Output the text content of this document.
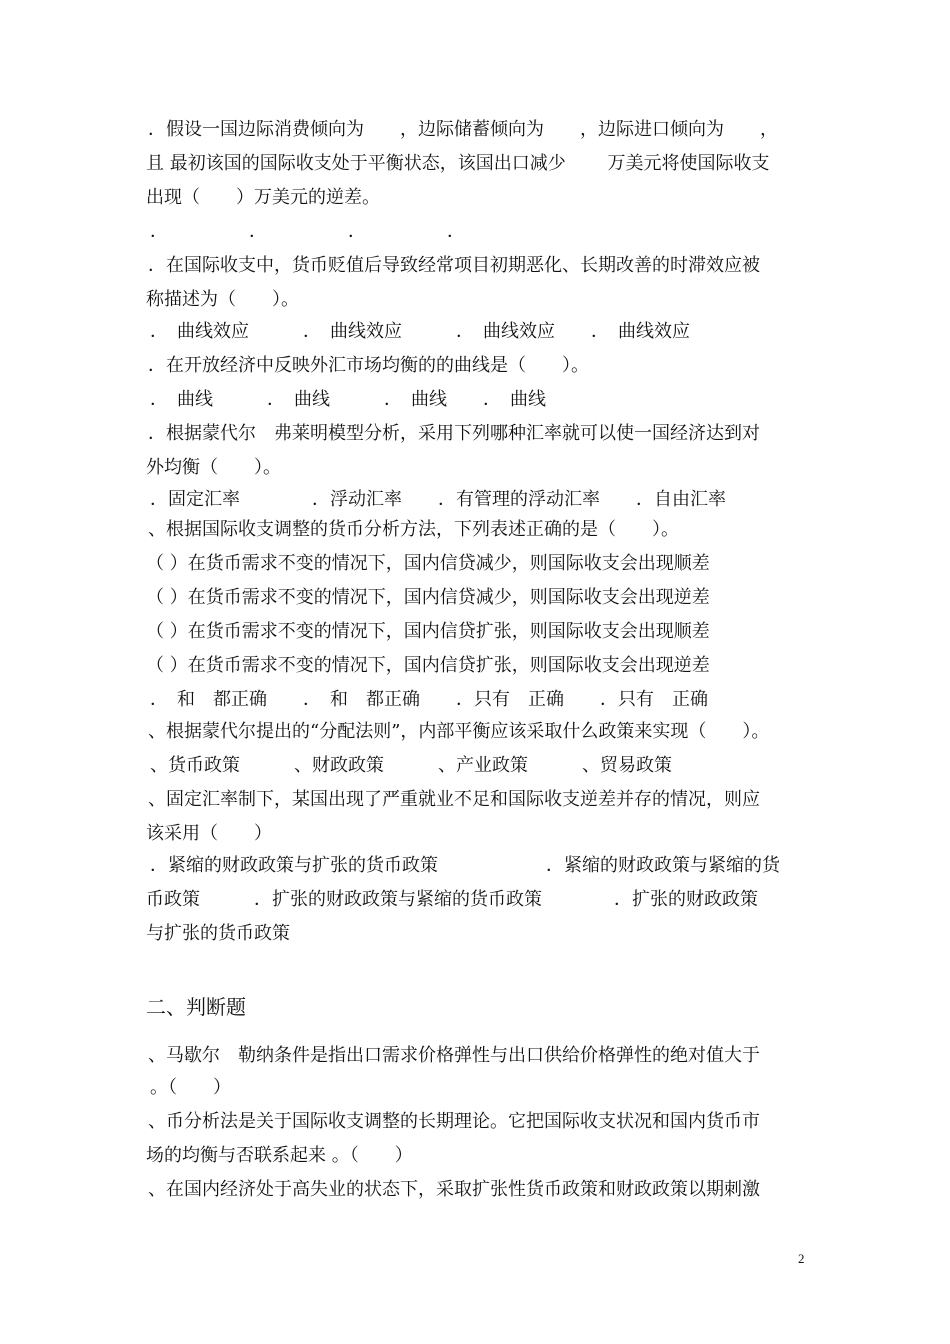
．假设一国边际消费倾向为　　，边际储蓄倾向为　　，边际进口倾向为　　，
且 最初该国的国际收支处于平衡状态，该国出口减少　　 万美元将使国际收支
出现（　　）万美元的逆差。
．　　　　　．　　　　　．　　　　　．
．在国际收支中，货币贬值后导致经常项目初期恶化、长期改善的时滞效应被
称描述为（　　）。
．　曲线效应　　　．　曲线效应　　　．　曲线效应　　．　曲线效应
．在开放经济中反映外汇市场均衡的的曲线是（　　）。
．　曲线　　　．　曲线　　　．　曲线　　．　曲线
．根据蒙代尔　弗莱明模型分析，采用下列哪种汇率就可以使一国经济达到对
外均衡（　　）。
．固定汇率　　　　．浮动汇率　　．有管理的浮动汇率　　．自由汇率
、根据国际收支调整的货币分析方法，下列表述正确的是（　　）。
（ ）在货币需求不变的情况下，国内信贷减少，则国际收支会出现顺差
（ ）在货币需求不变的情况下，国内信贷减少，则国际收支会出现逆差
（ ）在货币需求不变的情况下，国内信贷扩张，则国际收支会出现顺差
（ ）在货币需求不变的情况下，国内信贷扩张，则国际收支会出现逆差
．　和　都正确　　．　和　都正确　　．只有　正确　　．只有　正确
、根据蒙代尔提出的“分配法则”，内部平衡应该采取什么政策来实现（　　）。
、货币政策　　　、财政政策　　　、产业政策　　　、贸易政策
、固定汇率制下，某国出现了严重就业不足和国际收支逆差并存的情况，则应
该采用（　　）
．紧缩的财政政策与扩张的货币政策　　　　　　．紧缩的财政政策与紧缩的货
币政策　　　．扩张的财政政策与紧缩的货币政策　　　　．扩张的财政政策
与扩张的货币政策
二、判断题
、马歇尔　勒纳条件是指出口需求价格弹性与出口供给价格弹性的绝对值大于
。（　　）
、币分析法是关于国际收支调整的长期理论。它把国际收支状况和国内货币市
场的均衡与否联系起来 。（　　）
、在国内经济处于高失业的状态下，采取扩张性货币政策和财政政策以期刺激
2
